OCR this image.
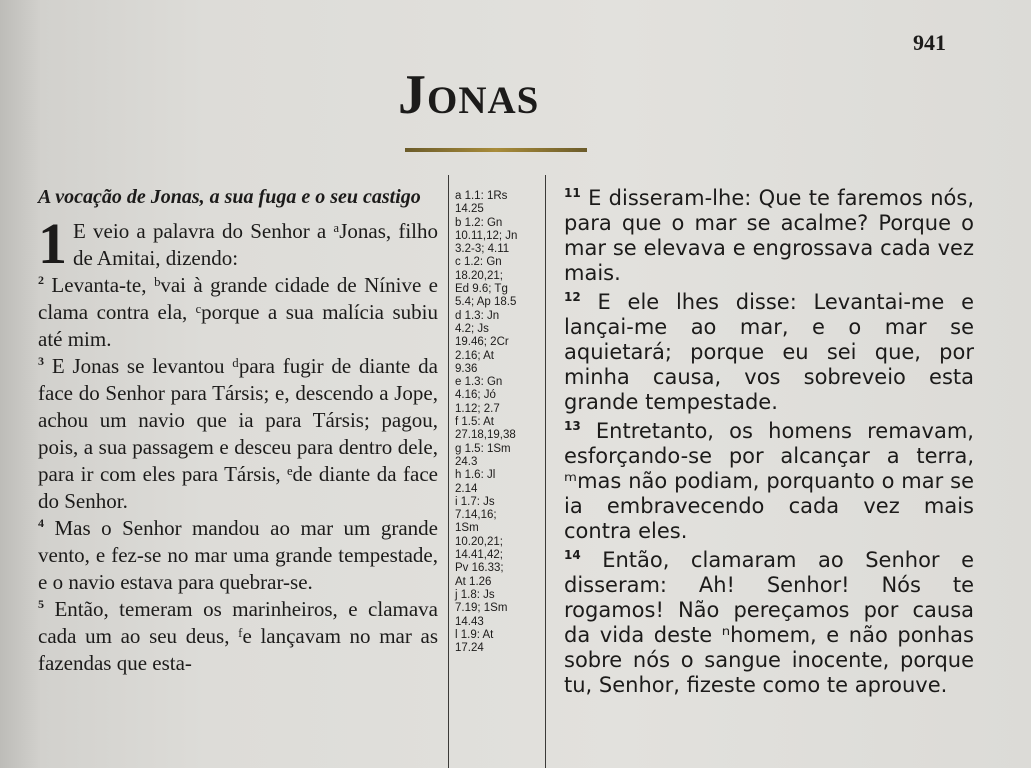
941
Jonas
A vocação de Jonas, a sua fuga e o seu castigo
1 E veio a palavra do Senhor a ᵃJonas, filho de Amitai, dizendo:

$^2$ Levanta-te, ᵇvai à grande cidade de Nínive e clama contra ela, ᶜporque a sua malícia subiu até mim.

$^3$ E Jonas se levantou ᵈpara fugir de diante da face do Senhor para Társis; e, descendo a Jope, achou um navio que ia para Társis; pagou, pois, a sua passagem e desceu para dentro dele, para ir com eles para Társis, ᵉde diante da face do Senhor.

$^4$ Mas o Senhor mandou ao mar um grande vento, e fez-se no mar uma grande tempestade, e o navio estava para quebrar-se.

$^5$ Então, temeram os marinheiros, e clamava cada um ao seu deus, ᶠe lançavam no mar as fazendas que esta-

a 1.1: 1Rs
14.25
b 1.2: Gn
10.11,12; Jn
3.2-3; 4.11
c 1.2: Gn
18.20,21;
Ed 9.6; Tg
5.4; Ap 18.5
d 1.3: Jn
4.2; Js
19.46; 2Cr
2.16; At
9.36
e 1.3: Gn
4.16; Jó
1.12; 2.7
f 1.5: At
27.18,19,38
g 1.5: 1Sm
24.3
h 1.6: Jl
2.14
i 1.7: Js
7.14,16;
1Sm
10.20,21;
14.41,42;
Pv 16.33;
At 1.26
j 1.8: Js
7.19; 1Sm
14.43
l 1.9: At
17.24

$^{11}$ E disseram-lhe: Que te faremos nós, para que o mar se acalme? Porque o mar se elevava e engrossava cada vez mais.

$^{12}$ E ele lhes disse: Levantai-me e lançai-me ao mar, e o mar se aquietará; porque eu sei que, por minha causa, vos sobreveio esta grande tempestade.

$^{13}$ Entretanto, os homens remavam, esforçando-se por alcançar a terra, ᵐmas não podiam, porquanto o mar se ia embravecendo cada vez mais contra eles.

$^{14}$ Então, clamaram ao Senhor e disseram: Ah! Senhor! Nós te rogamos! Não pereçamos por causa da vida deste ⁿhomem, e não ponhas sobre nós o sangue inocente, porque tu, Senhor, fizeste como te aprouve.
